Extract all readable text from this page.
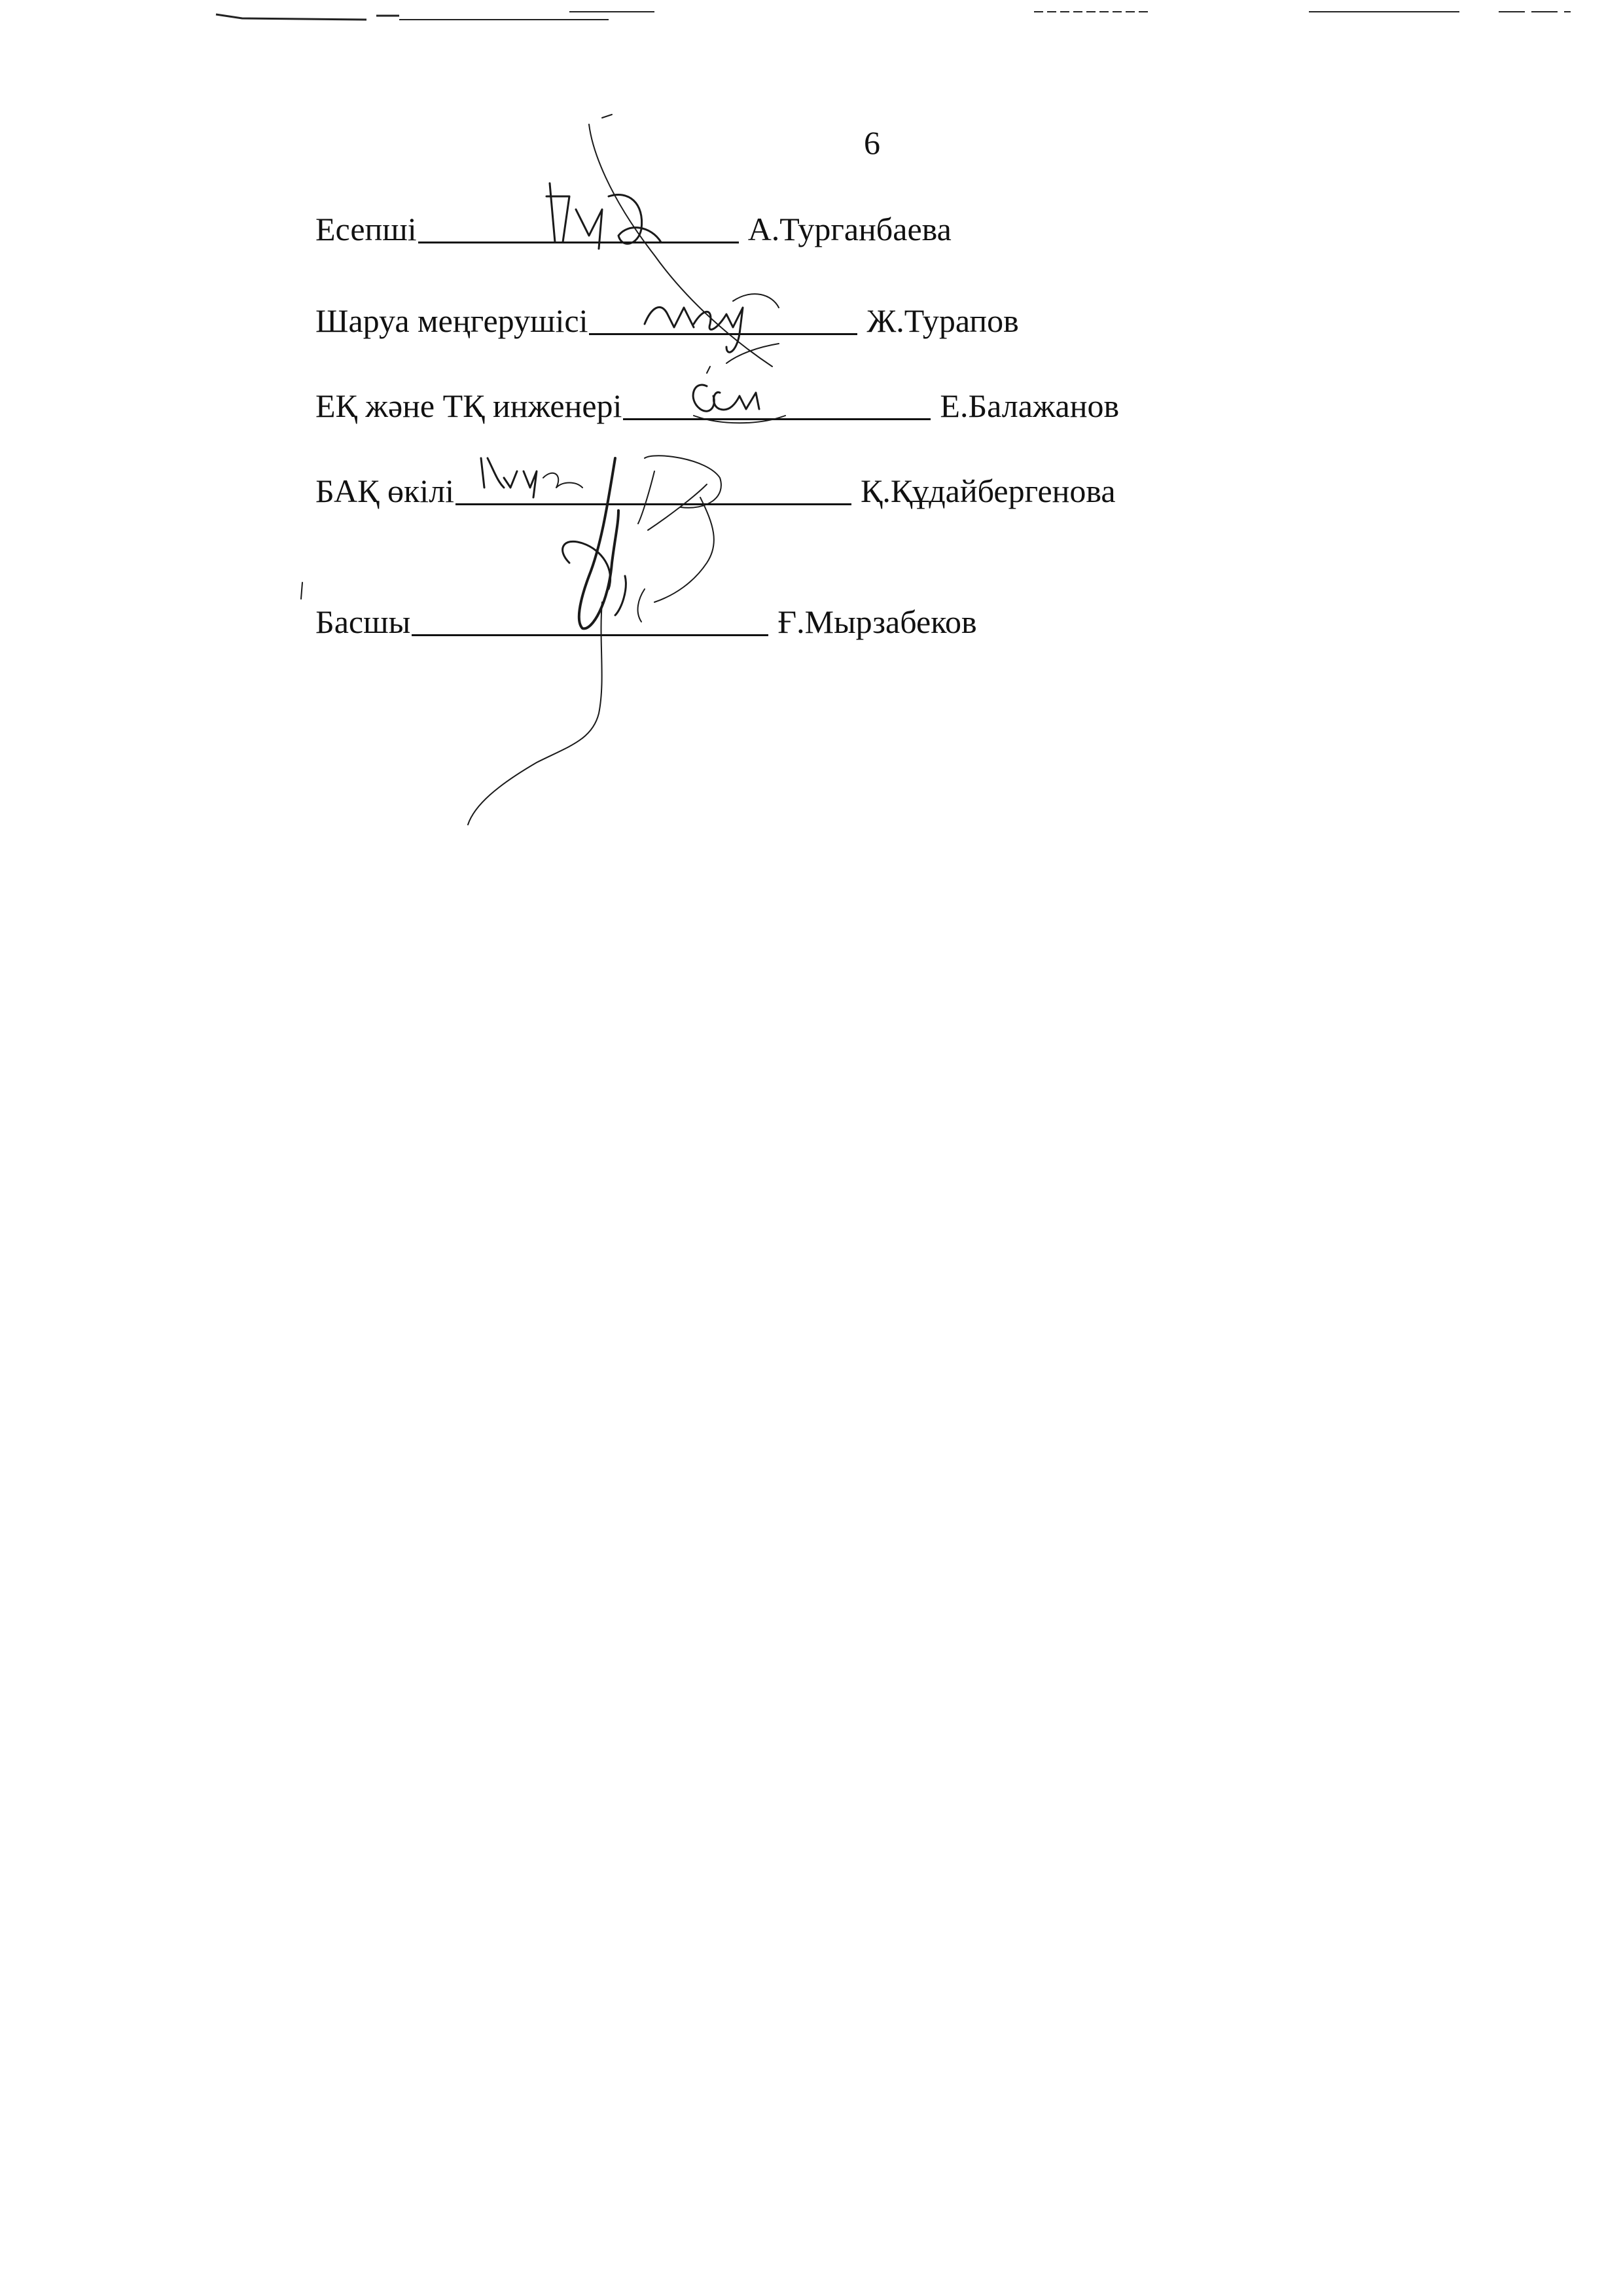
6
Есепші	А.Турганбаева
Шаруа меңгерушісі	Ж.Турапов
ЕҚ және ТҚ инженері	Е.Балажанов
БАҚ өкілі	Қ.Құдайбергенова
Басшы	Ғ.Мырзабеков
